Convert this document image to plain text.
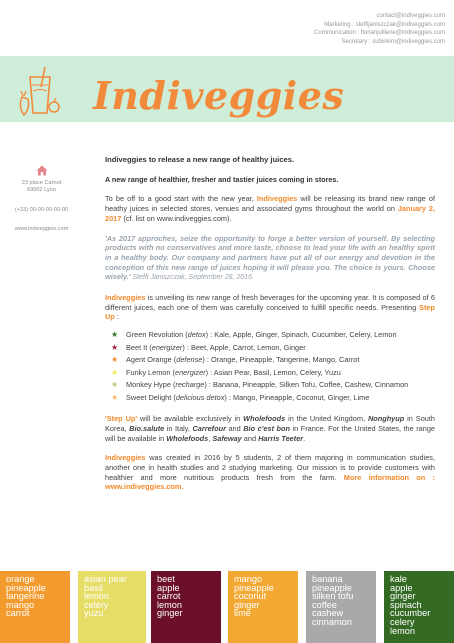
contact@indiveggies.com
Marketing : steffijaniszczak@indiveggies.com
Communication : florianjulliene@indiveggies.com
Secretary : subinkim@indiveggies.com
Indiveggies
23 place Carnot
69002 Lyon
(+33) 00-00-00-00-00
www.indiveggies.com

Indiveggies to release a new range of healthy juices.

A new range of healthier, fresher and tastier juices coming in stores.

To be off to a good start with the new year, Indiveggies will be releasing its brand new range of heathy juices in selected stores, venues and associated gyms throughout the world on January 2, 2017 (cf. list on www.indiveggies.com).

'As 2017 approches, seize the opportunity to forge a better version of yourself. By selecting products with no conservatives and more taste, choose to lead your life with an healthy spirit in a healthy body. Our company and partners have put all of our energy and devotion in the conception of this new range of juices hoping it will please you. The choice is yours. Choose wisely.' Steffi Janiszczak, September 28, 2016.

Indiveggies is unveiling its new range of fresh beverages for the upcoming year. It is composed of 6 different juices, each one of them was carefully conceived to fulfill specific needs. Presenting Step Up :

★ Green Revolution (detox) : Kale, Apple, Ginger, Spinach, Cucumber, Celery, Lemon
★ Beet It (energizer) : Beet, Apple, Carrot, Lemon, Ginger
★ Agent Orange (defense) : Orange, Pineapple, Tangerine, Mango, Carrot
★ Funky Lemon (energizer) : Asian Pear, Basil, Lemon, Celery, Yuzu
★ Monkey Hype (recharge) : Banana, Pineapple, Silken Tofu, Coffee, Cashew, Cinnamon
★ Sweet Delight (delicious detox) : Mango, Pineapple, Coconut, Ginger, Lime

'Step Up' will be available exclusively in Wholefoods in the United Kingdom, Nonghyup in South Korea, Bio.salute in Italy, Carrefour and Bio c'est bon in France. For the United States, the range will be available in Wholefoods, Safeway and Harris Teeter.

Indiveggies was created in 2016 by 5 students, 2 of them majoring in communication studies, another one in health studies and 2 studying marketing. Our mission is to provide customers with healthier and more nutritious products fresh from the farm. More information on : www.indiveggies.com.

orange
pineapple
tangerine
mango
carrot
asian pear
basil
lemon
celery
yuzu
beet
apple
carrot
lemon
ginger
mango
pineapple
coconut
ginger
lime
banana
pineapple
silken tofu
coffee
cashew
cinnamon
kale
apple
ginger
spinach
cucumber
celery
lemon
